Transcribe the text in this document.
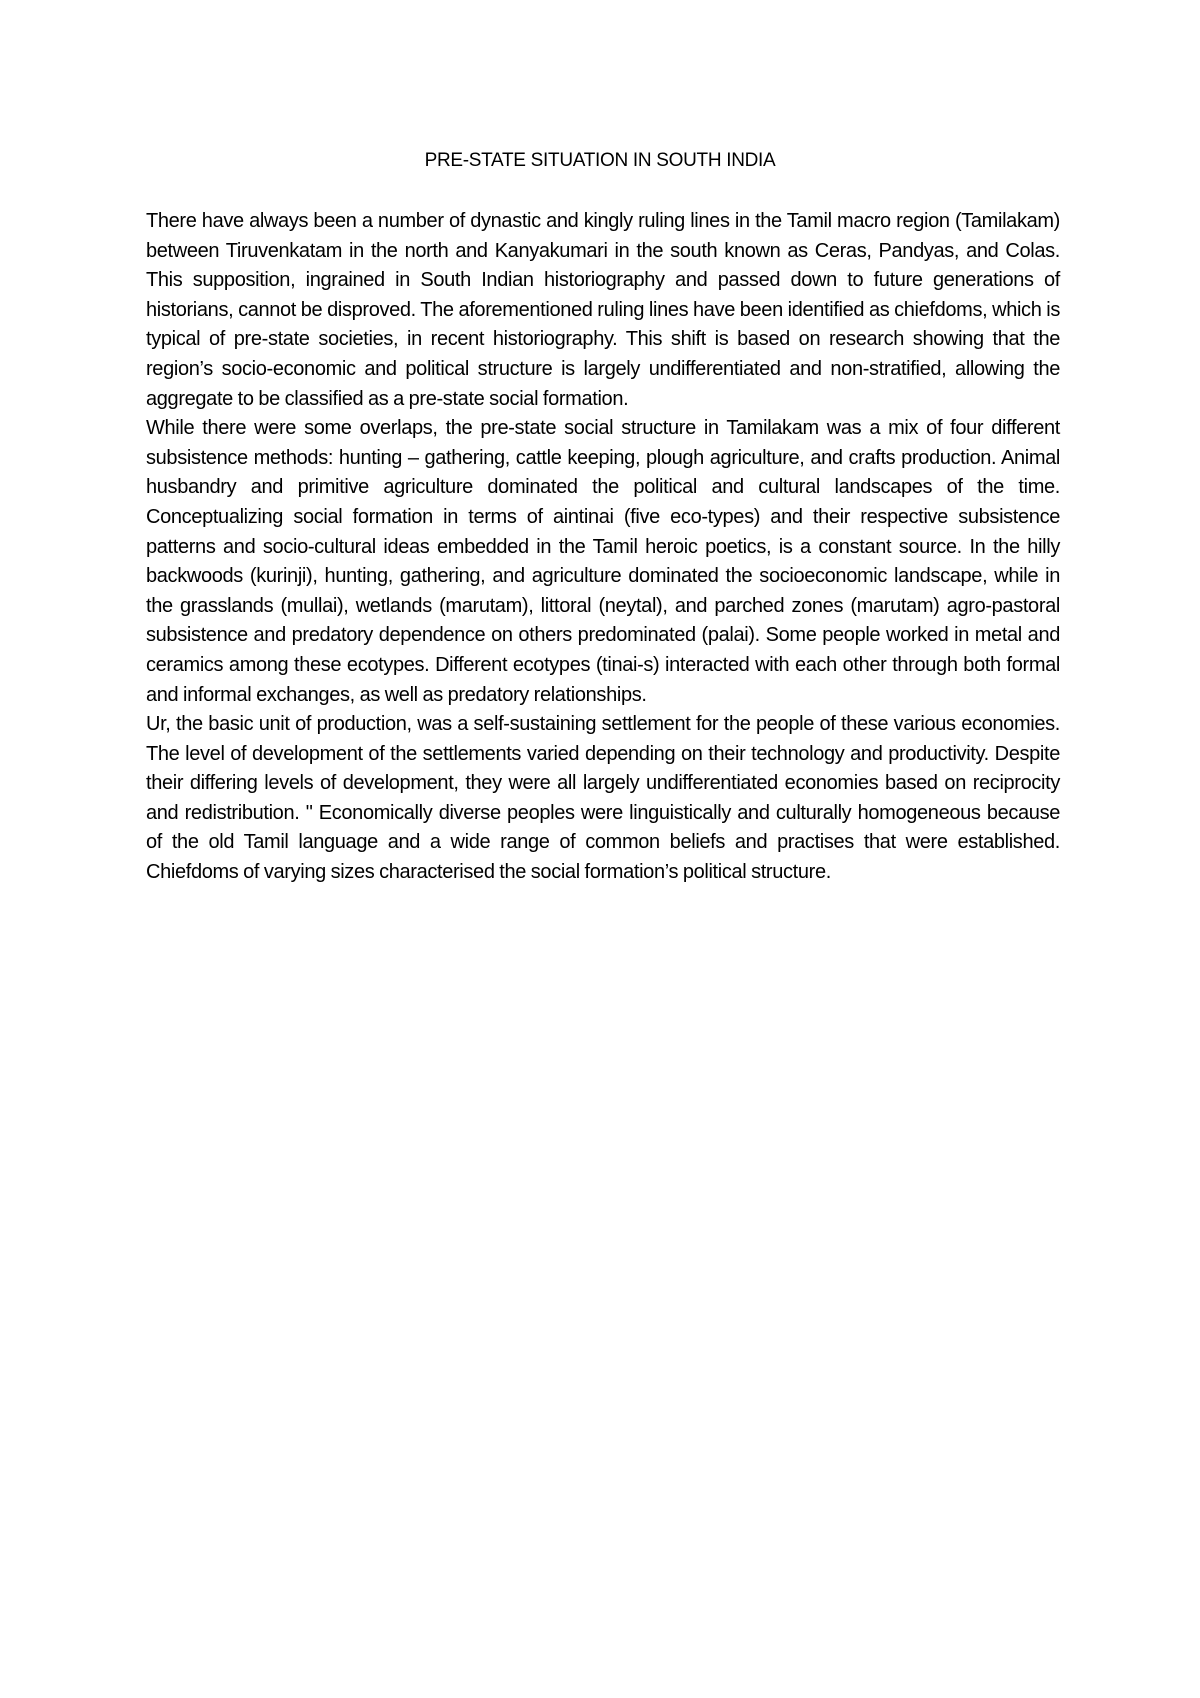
PRE-STATE SITUATION IN SOUTH INDIA

There have always been a number of dynastic and kingly ruling lines in the Tamil macro region (Tamilakam) between Tiruvenkatam in the north and Kanyakumari in the south known as Ceras, Pandyas, and Colas. This supposition, ingrained in South Indian historiography and passed down to future generations of historians, cannot be disproved. The aforementioned ruling lines have been identified as chiefdoms, which is typical of pre-state societies, in recent historiography. This shift is based on research showing that the region’s socio-economic and political structure is largely undifferentiated and non-stratified, allowing the aggregate to be classified as a pre-state social formation.

While there were some overlaps, the pre-state social structure in Tamilakam was a mix of four different subsistence methods: hunting – gathering, cattle keeping, plough agriculture, and crafts production. Animal husbandry and primitive agriculture dominated the political and cultural landscapes of the time. Conceptualizing social formation in terms of aintinai (five eco-types) and their respective subsistence patterns and socio-cultural ideas embedded in the Tamil heroic poetics, is a constant source. In the hilly backwoods (kurinji), hunting, gathering, and agriculture dominated the socioeconomic landscape, while in the grasslands (mullai), wetlands (marutam), littoral (neytal), and parched zones (marutam) agro-pastoral subsistence and predatory dependence on others predominated (palai). Some people worked in metal and ceramics among these ecotypes. Different ecotypes (tinai-s) interacted with each other through both formal and informal exchanges, as well as predatory relationships.

Ur, the basic unit of production, was a self-sustaining settlement for the people of these various economies. The level of development of the settlements varied depending on their technology and productivity. Despite their differing levels of development, they were all largely undifferentiated economies based on reciprocity and redistribution. " Economically diverse peoples were linguistically and culturally homogeneous because of the old Tamil language and a wide range of common beliefs and practises that were established. Chiefdoms of varying sizes characterised the social formation’s political structure.
